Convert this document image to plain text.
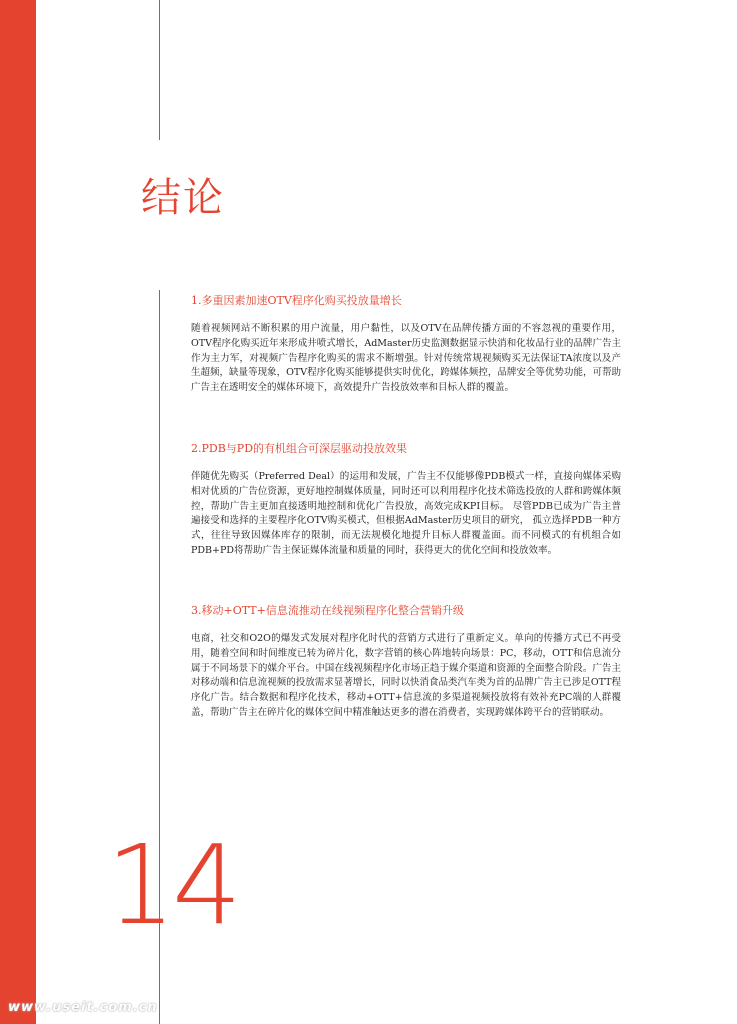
结论

1.多重因素加速OTV程序化购买投放量增长

随着视频网站不断积累的用户流量，用户黏性，以及OTV在品牌传播方面的不容忽视的重要作用，OTV程序化购买近年来形成井喷式增长，AdMaster历史监测数据显示快消和化妆品行业的品牌广告主作为主力军，对视频广告程序化购买的需求不断增强。针对传统常规视频购买无法保证TA浓度以及产生超频，缺量等现象，OTV程序化购买能够提供实时优化，跨媒体频控，品牌安全等优势功能，可帮助广告主在透明安全的媒体环境下，高效提升广告投放效率和目标人群的覆盖。

2.PDB与PD的有机组合可深层驱动投放效果

伴随优先购买（Preferred Deal）的运用和发展，广告主不仅能够像PDB模式一样，直接向媒体采购相对优质的广告位资源，更好地控制媒体质量，同时还可以利用程序化技术筛选投放的人群和跨媒体频控，帮助广告主更加直接透明地控制和优化广告投放，高效完成KPI目标。 尽管PDB已成为广告主普遍接受和选择的主要程序化OTV购买模式，但根据AdMaster历史项目的研究， 孤立选择PDB一种方式，往往导致因媒体库存的限制，而无法规模化地提升目标人群覆盖面。而不同模式的有机组合如PDB+PD将帮助广告主保证媒体流量和质量的同时，获得更大的优化空间和投放效率。

3.移动+OTT+信息流推动在线视频程序化整合营销升级

电商，社交和O2O的爆发式发展对程序化时代的营销方式进行了重新定义。单向的传播方式已不再受用，随着空间和时间维度已转为碎片化，数字营销的核心阵地转向场景：PC，移动，OTT和信息流分属于不同场景下的媒介平台。中国在线视频程序化市场正趋于媒介渠道和资源的全面整合阶段。广告主对移动端和信息流视频的投放需求显著增长，同时以快消食品类汽车类为首的品牌广告主已涉足OTT程序化广告。结合数据和程序化技术，移动+OTT+信息流的多渠道视频投放将有效补充PC端的人群覆盖，帮助广告主在碎片化的媒体空间中精准触达更多的潜在消费者，实现跨媒体跨平台的营销联动。

14
www.useit.com.cn
